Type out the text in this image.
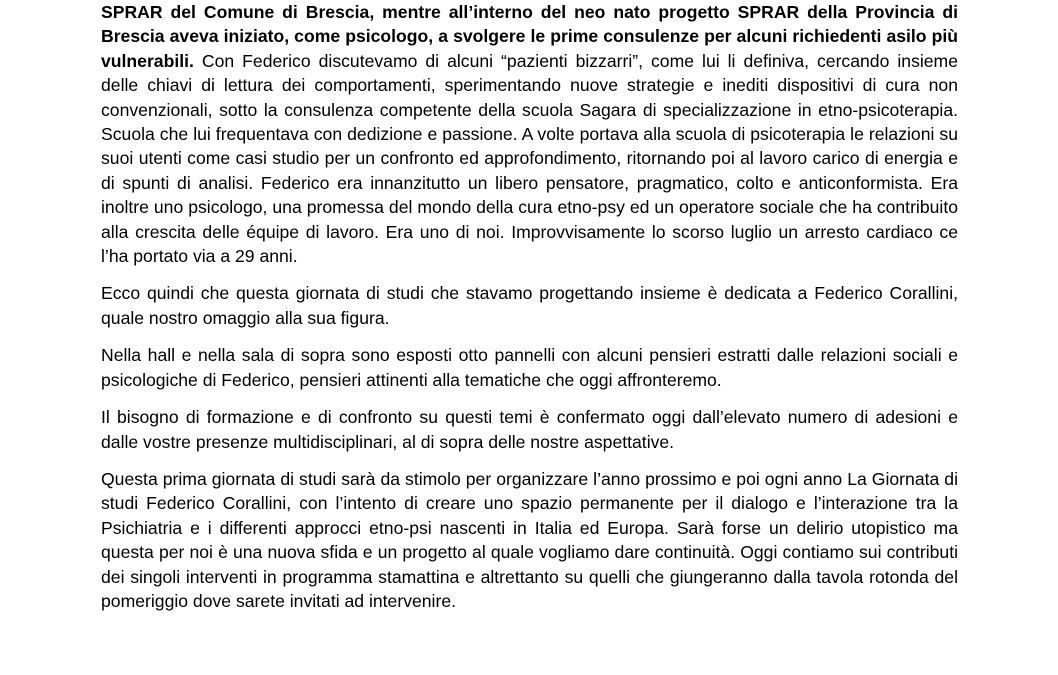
SPRAR del Comune di Brescia, mentre all’interno del neo nato progetto SPRAR della Provincia di Brescia aveva iniziato, come psicologo, a svolgere le prime consulenze per alcuni richiedenti asilo più vulnerabili. Con Federico discutevamo di alcuni “pazienti bizzarri”, come lui li definiva, cercando insieme delle chiavi di lettura dei comportamenti, sperimentando nuove strategie e inediti dispositivi di cura non convenzionali, sotto la consulenza competente della scuola Sagara di specializzazione in etno-psicoterapia. Scuola che lui frequentava con dedizione e passione. A volte portava alla scuola di psicoterapia le relazioni su suoi utenti come casi studio per un confronto ed approfondimento, ritornando poi al lavoro carico di energia e di spunti di analisi. Federico era innanzitutto un libero pensatore, pragmatico, colto e anticonformista. Era inoltre uno psicologo, una promessa del mondo della cura etno-psy ed un operatore sociale che ha contribuito alla crescita delle équipe di lavoro. Era uno di noi. Improvvisamente lo scorso luglio un arresto cardiaco ce l’ha portato via a 29 anni.

Ecco quindi che questa giornata di studi che stavamo progettando insieme è dedicata a Federico Corallini, quale nostro omaggio alla sua figura.

Nella hall e nella sala di sopra sono esposti otto pannelli con alcuni pensieri estratti dalle relazioni sociali e psicologiche di Federico, pensieri attinenti alla tematiche che oggi affronteremo.

Il bisogno di formazione e di confronto su questi temi è confermato oggi dall’elevato numero di adesioni e dalle vostre presenze multidisciplinari, al di sopra delle nostre aspettative.

Questa prima giornata di studi sarà da stimolo per organizzare l’anno prossimo e poi ogni anno La Giornata di studi Federico Corallini, con l’intento di creare uno spazio permanente per il dialogo e l’interazione tra la Psichiatria e i differenti approcci etno-psi nascenti in Italia ed Europa. Sarà forse un delirio utopistico ma questa per noi è una nuova sfida e un progetto al quale vogliamo dare continuità. Oggi contiamo sui contributi dei singoli interventi in programma stamattina e altrettanto su quelli che giungeranno dalla tavola rotonda del pomeriggio dove sarete invitati ad intervenire.
